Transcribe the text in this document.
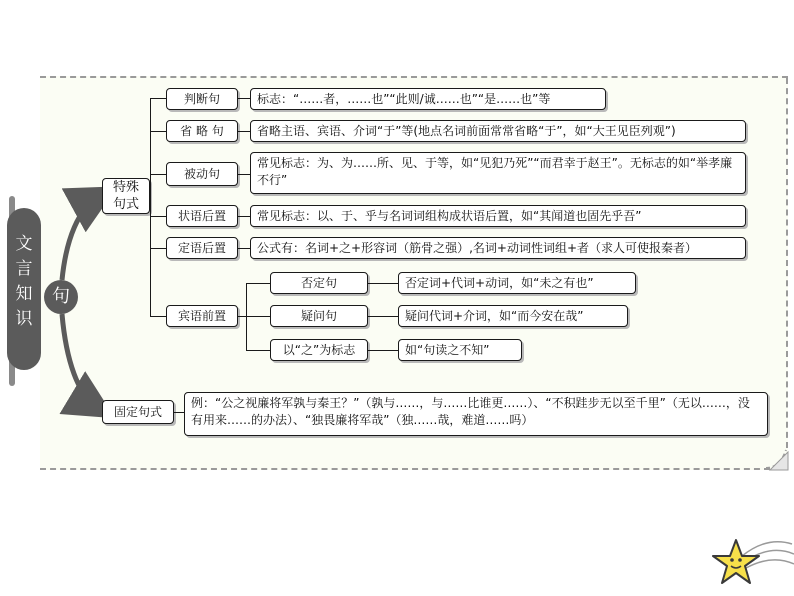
文
言
知
识
句
特殊
句式
判断句	标志：“……者，……也”“此则/诚……也”“是……也”等
省 略 句	省略主语、宾语、介词“于”等(地点名词前面常常省略“于”，如“大王见臣列观”)
被动句
常见标志：为、为……所、见、于等，如“见犯乃死”“而君幸于赵王”。无标志的如“举孝廉不行”
状语后置	常见标志：以、于、乎与名词词组构成状语后置，如“其闻道也固先乎吾”
定语后置	公式有：名词+之+形容词（筋骨之强）,名词+动词性词组+者（求人可使报秦者）
宾语前置
否定句	否定词+代词+动词，如“未之有也”
疑问句	疑问代词+介词，如“而今安在哉”
以“之”为标志	如“句读之不知”
固定句式
例：“公之视廉将军孰与秦王？”（孰与……，与……比谁更……）、“不积跬步无以至千里”（无以……，没有用来……的办法）、“独畏廉将军哉”（独……哉，难道……吗）
